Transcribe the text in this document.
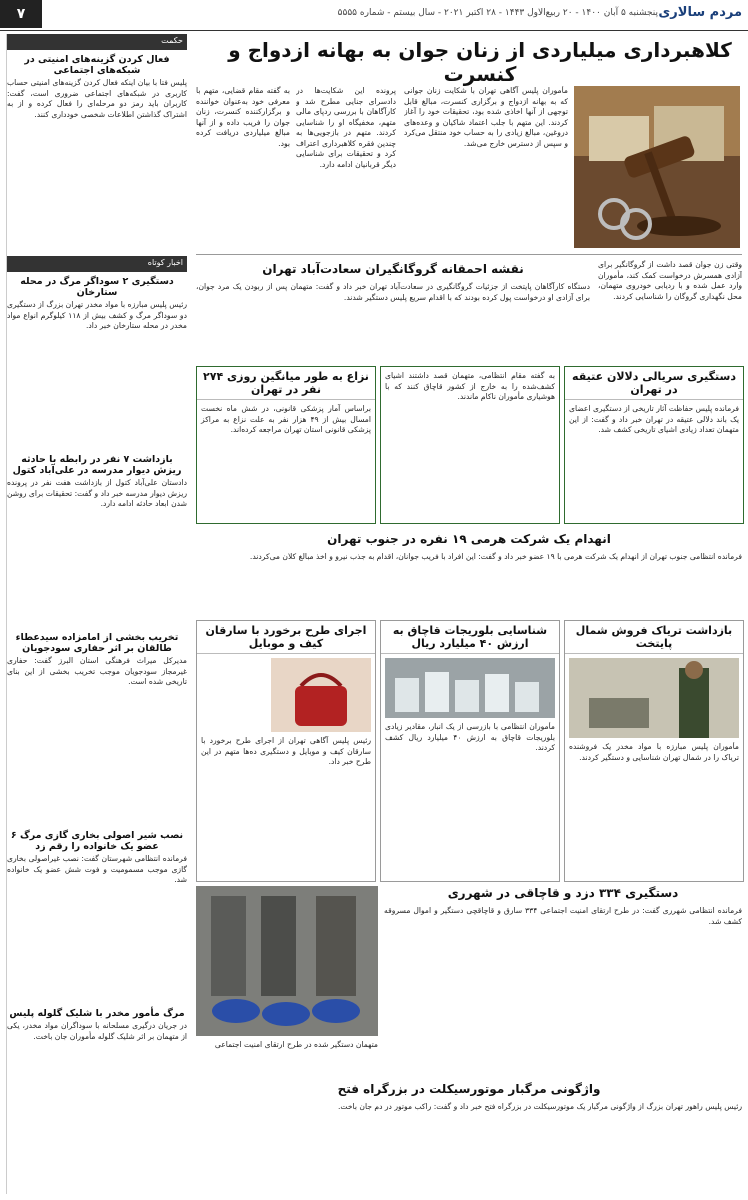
۷	مردم سالاری
پنجشنبه ۵ آبان ۱۴۰۰ - ۲۰ ربیع‌الاول ۱۴۴۳ - ۲۸ اکتبر ۲۰۲۱ - سال بیستم - شماره ۵۵۵۵
کلاهبرداری میلیاردی از زنان جوان به بهانه ازدواج و کنسرت
مأموران پلیس آگاهی تهران با شکایت زنان جوانی که به بهانه ازدواج و برگزاری کنسرت، مبالغ قابل توجهی از آنها اخاذی شده بود، تحقیقات خود را آغاز کردند. این متهم با جلب اعتماد شاکیان و وعده‌های دروغین، مبالغ زیادی را به حساب خود منتقل می‌کرد و سپس از دسترس خارج می‌شد.
پرونده این شکایت‌ها در دادسرای جنایی مطرح شد و کارآگاهان با بررسی ردپای مالی متهم، مخفیگاه او را شناسایی کردند. متهم در بازجویی‌ها به چندین فقره کلاهبرداری اعتراف کرد و تحقیقات برای شناسایی دیگر قربانیان ادامه دارد.
به گفته مقام قضایی، متهم با معرفی خود به‌عنوان خواننده و برگزارکننده کنسرت، زنان جوان را فریب داده و از آنها مبالغ میلیاردی دریافت کرده بود.
حکمت
فعال کردن گزینه‌های امنیتی در شبکه‌های اجتماعی
پلیس فتا با بیان اینکه فعال کردن گزینه‌های امنیتی حساب کاربری در شبکه‌های اجتماعی ضروری است، گفت: کاربران باید رمز دو مرحله‌ای را فعال کرده و از به اشتراک گذاشتن اطلاعات شخصی خودداری کنند.
اخبار کوتاه
دستگیری ۲ سوداگر مرگ در محله ستارخان
رئیس پلیس مبارزه با مواد مخدر تهران بزرگ از دستگیری دو سوداگر مرگ و کشف بیش از ۱۱۸ کیلوگرم انواع مواد مخدر در محله ستارخان خبر داد.
بازداشت ۷ نفر در رابطه با حادثه ریزش دیوار مدرسه در علی‌آباد کتول
دادستان علی‌آباد کتول از بازداشت هفت نفر در پرونده ریزش دیوار مدرسه خبر داد و گفت: تحقیقات برای روشن شدن ابعاد حادثه ادامه دارد.
تخریب بخشی از امامزاده سیدعطاء طالقان بر اثر حفاری سودجویان
مدیرکل میراث فرهنگی استان البرز گفت: حفاری غیرمجاز سودجویان موجب تخریب بخشی از این بنای تاریخی شده است.
نصب شیر اصولی بخاری گازی مرگ ۶ عضو یک خانواده را رقم زد
فرمانده انتظامی شهرستان گفت: نصب غیراصولی بخاری گازی موجب مسمومیت و فوت شش عضو یک خانواده شد.
مرگ مأمور مخدر با شلیک گلوله پلیس
در جریان درگیری مسلحانه با سوداگران مواد مخدر، یکی از متهمان بر اثر شلیک گلوله مأموران جان باخت.
نقشه احمقانه گروگانگیران سعادت‌آباد تهران
دستگاه کارآگاهان پایتخت از جزئیات گروگانگیری در سعادت‌آباد تهران خبر داد و گفت: متهمان پس از ربودن یک مرد جوان، برای آزادی او درخواست پول کرده بودند که با اقدام سریع پلیس دستگیر شدند.
وقتی زن جوان قصد داشت از گروگانگیر برای آزادی همسرش درخواست کمک کند، مأموران وارد عمل شده و با ردیابی خودروی متهمان، محل نگهداری گروگان را شناسایی کردند.
دستگیری سریالی دلالان عتیقه در تهران
فرمانده پلیس حفاظت آثار تاریخی از دستگیری اعضای یک باند دلالی عتیقه در تهران خبر داد و گفت: از این متهمان تعداد زیادی اشیای تاریخی کشف شد.
به گفته مقام انتظامی، متهمان قصد داشتند اشیای کشف‌شده را به خارج از کشور قاچاق کنند که با هوشیاری مأموران ناکام ماندند.
نزاع به طور میانگین روزی ۲۷۴ نفر در تهران
براساس آمار پزشکی قانونی، در شش ماه نخست امسال بیش از ۴۹ هزار نفر به علت نزاع به مراکز پزشکی قانونی استان تهران مراجعه کرده‌اند.
انهدام یک شرکت هرمی ۱۹ نفره در جنوب تهران
فرمانده انتظامی جنوب تهران از انهدام یک شرکت هرمی با ۱۹ عضو خبر داد و گفت: این افراد با فریب جوانان، اقدام به جذب نیرو و اخذ مبالغ کلان می‌کردند.
بازداشت تریاک فروش شمال پایتخت
مأموران پلیس مبارزه با مواد مخدر یک فروشنده تریاک را در شمال تهران شناسایی و دستگیر کردند.
شناسایی بلوریجات قاچاق به ارزش ۴۰ میلیارد ریال
مأموران انتظامی با بازرسی از یک انبار، مقادیر زیادی بلوریجات قاچاق به ارزش ۴۰ میلیارد ریال کشف کردند.
اجرای طرح برخورد با سارقان کیف و موبایل
رئیس پلیس آگاهی تهران از اجرای طرح برخورد با سارقان کیف و موبایل و دستگیری ده‌ها متهم در این طرح خبر داد.
دستگیری ۳۳۴ دزد و قاچاقی در شهرری
فرمانده انتظامی شهرری گفت: در طرح ارتقای امنیت اجتماعی ۳۳۴ سارق و قاچاقچی دستگیر و اموال مسروقه کشف شد.
متهمان دستگیر شده در طرح ارتقای امنیت اجتماعی
واژگونی مرگبار موتورسیکلت در بزرگراه فتح
رئیس پلیس راهور تهران بزرگ از واژگونی مرگبار یک موتورسیکلت در بزرگراه فتح خبر داد و گفت: راکب موتور در دم جان باخت.
